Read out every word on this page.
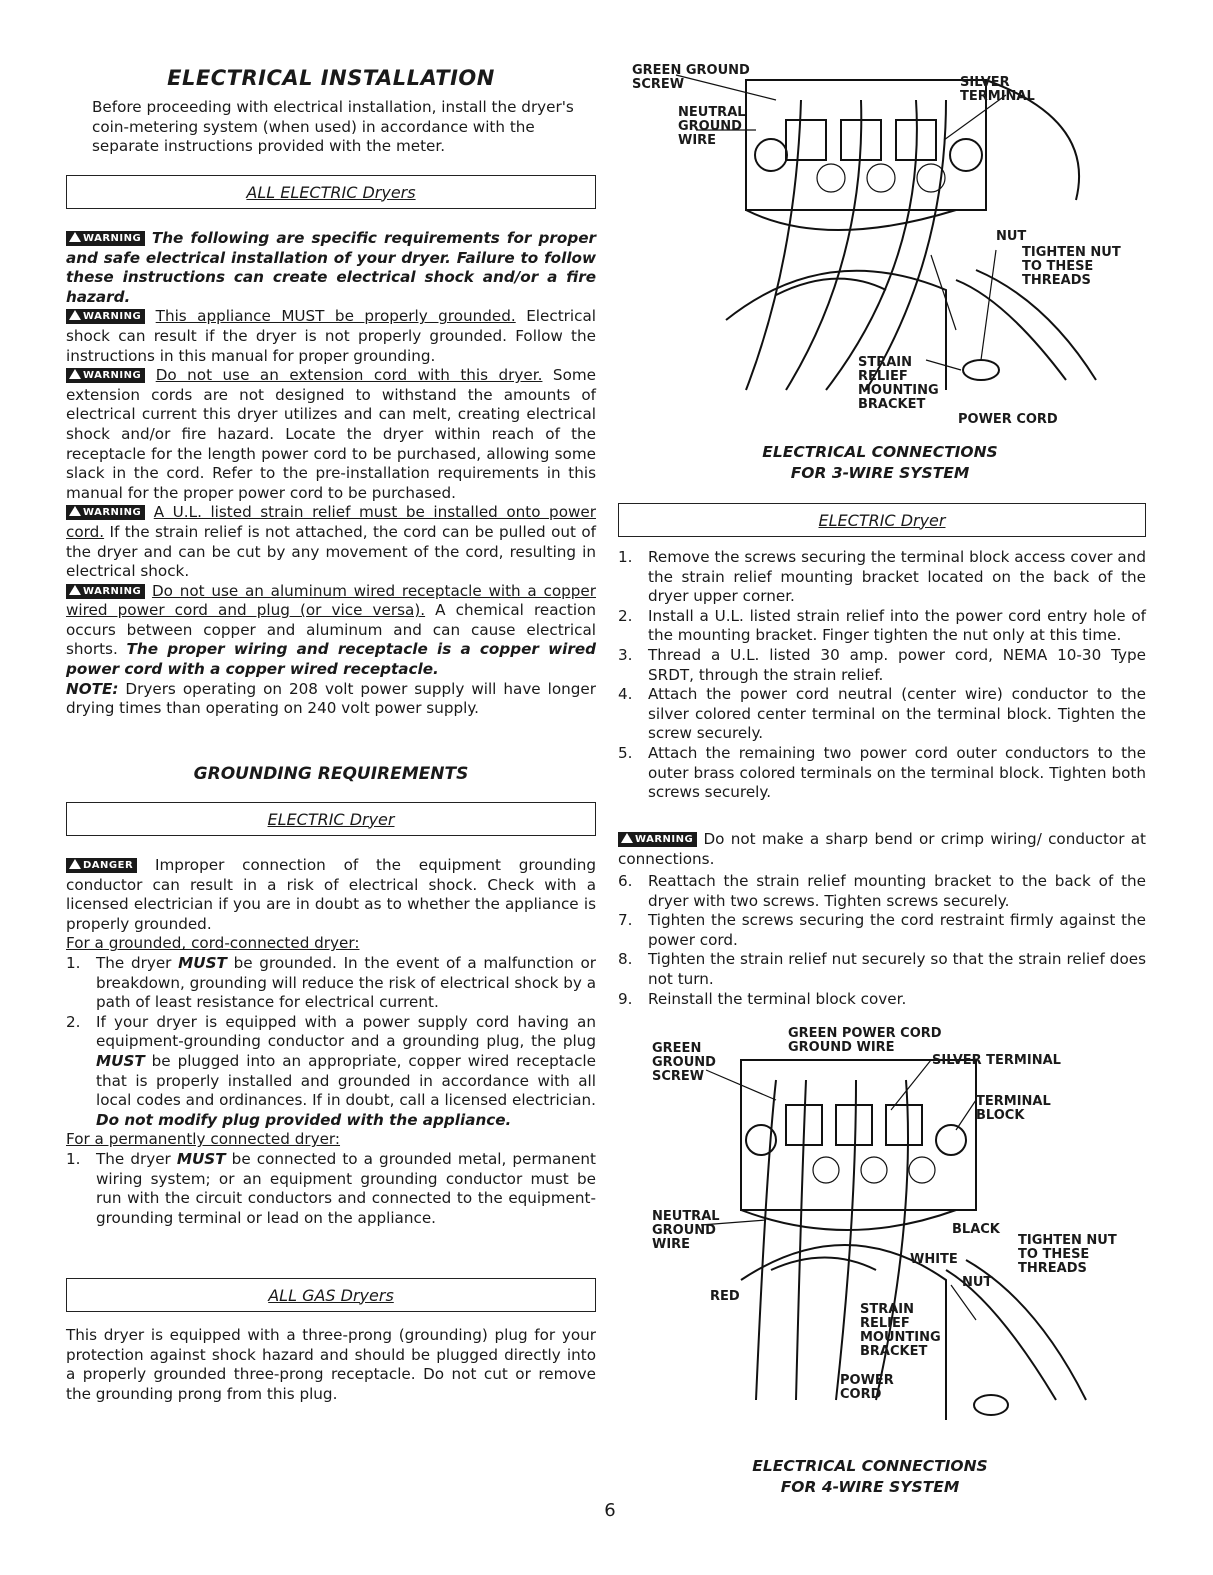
ELECTRICAL INSTALLATION

Before proceeding with electrical installation, install the dryer's coin-metering system (when used) in accordance with the separate instructions provided with the meter.

ALL ELECTRIC Dryers

WARNING The following are specific requirements for proper and safe electrical installation of your dryer. Failure to follow these instructions can create electrical shock and/or a fire hazard.

WARNING This appliance MUST be properly grounded. Electrical shock can result if the dryer is not properly grounded. Follow the instructions in this manual for proper grounding.

WARNING Do not use an extension cord with this dryer. Some extension cords are not designed to withstand the amounts of electrical current this dryer utilizes and can melt, creating electrical shock and/or fire hazard. Locate the dryer within reach of the receptacle for the length power cord to be purchased, allowing some slack in the cord. Refer to the pre-installation requirements in this manual for the proper power cord to be purchased.

WARNING A U.L. listed strain relief must be installed onto power cord. If the strain relief is not attached, the cord can be pulled out of the dryer and can be cut by any movement of the cord, resulting in electrical shock.

WARNING Do not use an aluminum wired receptacle with a copper wired power cord and plug (or vice versa). A chemical reaction occurs between copper and aluminum and can cause electrical shorts. The proper wiring and receptacle is a copper wired power cord with a copper wired receptacle.

NOTE: Dryers operating on 208 volt power supply will have longer drying times than operating on 240 volt power supply.

GROUNDING REQUIREMENTS
ELECTRIC Dryer

DANGER Improper connection of the equipment grounding conductor can result in a risk of electrical shock. Check with a licensed electrician if you are in doubt as to whether the appliance is properly grounded.

For a grounded, cord-connected dryer:

1. The dryer MUST be grounded. In the event of a malfunction or breakdown, grounding will reduce the risk of electrical shock by a path of least resistance for electrical current.
2. If your dryer is equipped with a power supply cord having an equipment-grounding conductor and a grounding plug, the plug MUST be plugged into an appropriate, copper wired receptacle that is properly installed and grounded in accordance with all local codes and ordinances. If in doubt, call a licensed electrician. Do not modify plug provided with the appliance.

For a permanently connected dryer:

1. The dryer MUST be connected to a grounded metal, permanent wiring system; or an equipment grounding conductor must be run with the circuit conductors and connected to the equipment-grounding terminal or lead on the appliance.
ALL GAS Dryers

This dryer is equipped with a three-prong (grounding) plug for your protection against shock hazard and should be plugged directly into a properly grounded three-prong receptacle. Do not cut or remove the grounding prong from this plug.

GREEN GROUND
SCREW
NEUTRAL
GROUND
WIRE
SILVER
TERMINAL
NUT
TIGHTEN NUT
TO THESE
THREADS
STRAIN
RELIEF
MOUNTING
BRACKET
POWER CORD
ELECTRICAL CONNECTIONS
FOR 3-WIRE SYSTEM
ELECTRIC Dryer
1. Remove the screws securing the terminal block access cover and the strain relief mounting bracket located on the back of the dryer upper corner.
2. Install a U.L. listed strain relief into the power cord entry hole of the mounting bracket. Finger tighten the nut only at this time.
3. Thread a U.L. listed 30 amp. power cord, NEMA 10-30 Type SRDT, through the strain relief.
4. Attach the power cord neutral (center wire) conductor to the silver colored center terminal on the terminal block. Tighten the screw securely.
5. Attach the remaining two power cord outer conductors to the outer brass colored terminals on the terminal block. Tighten both screws securely.

WARNING Do not make a sharp bend or crimp wiring/ conductor at connections.

6. Reattach the strain relief mounting bracket to the back of the dryer with two screws. Tighten screws securely.
7. Tighten the screws securing the cord restraint firmly against the power cord.
8. Tighten the strain relief nut securely so that the strain relief does not turn.
9. Reinstall the terminal block cover.
GREEN POWER CORD
GROUND WIRE
GREEN
GROUND
SCREW
SILVER TERMINAL
TERMINAL
BLOCK
NEUTRAL
GROUND
WIRE
BLACK
TIGHTEN NUT
TO THESE
THREADS
WHITE
NUT
RED
STRAIN
RELIEF
MOUNTING
BRACKET
POWER
CORD
ELECTRICAL CONNECTIONS
FOR 4-WIRE SYSTEM
6
